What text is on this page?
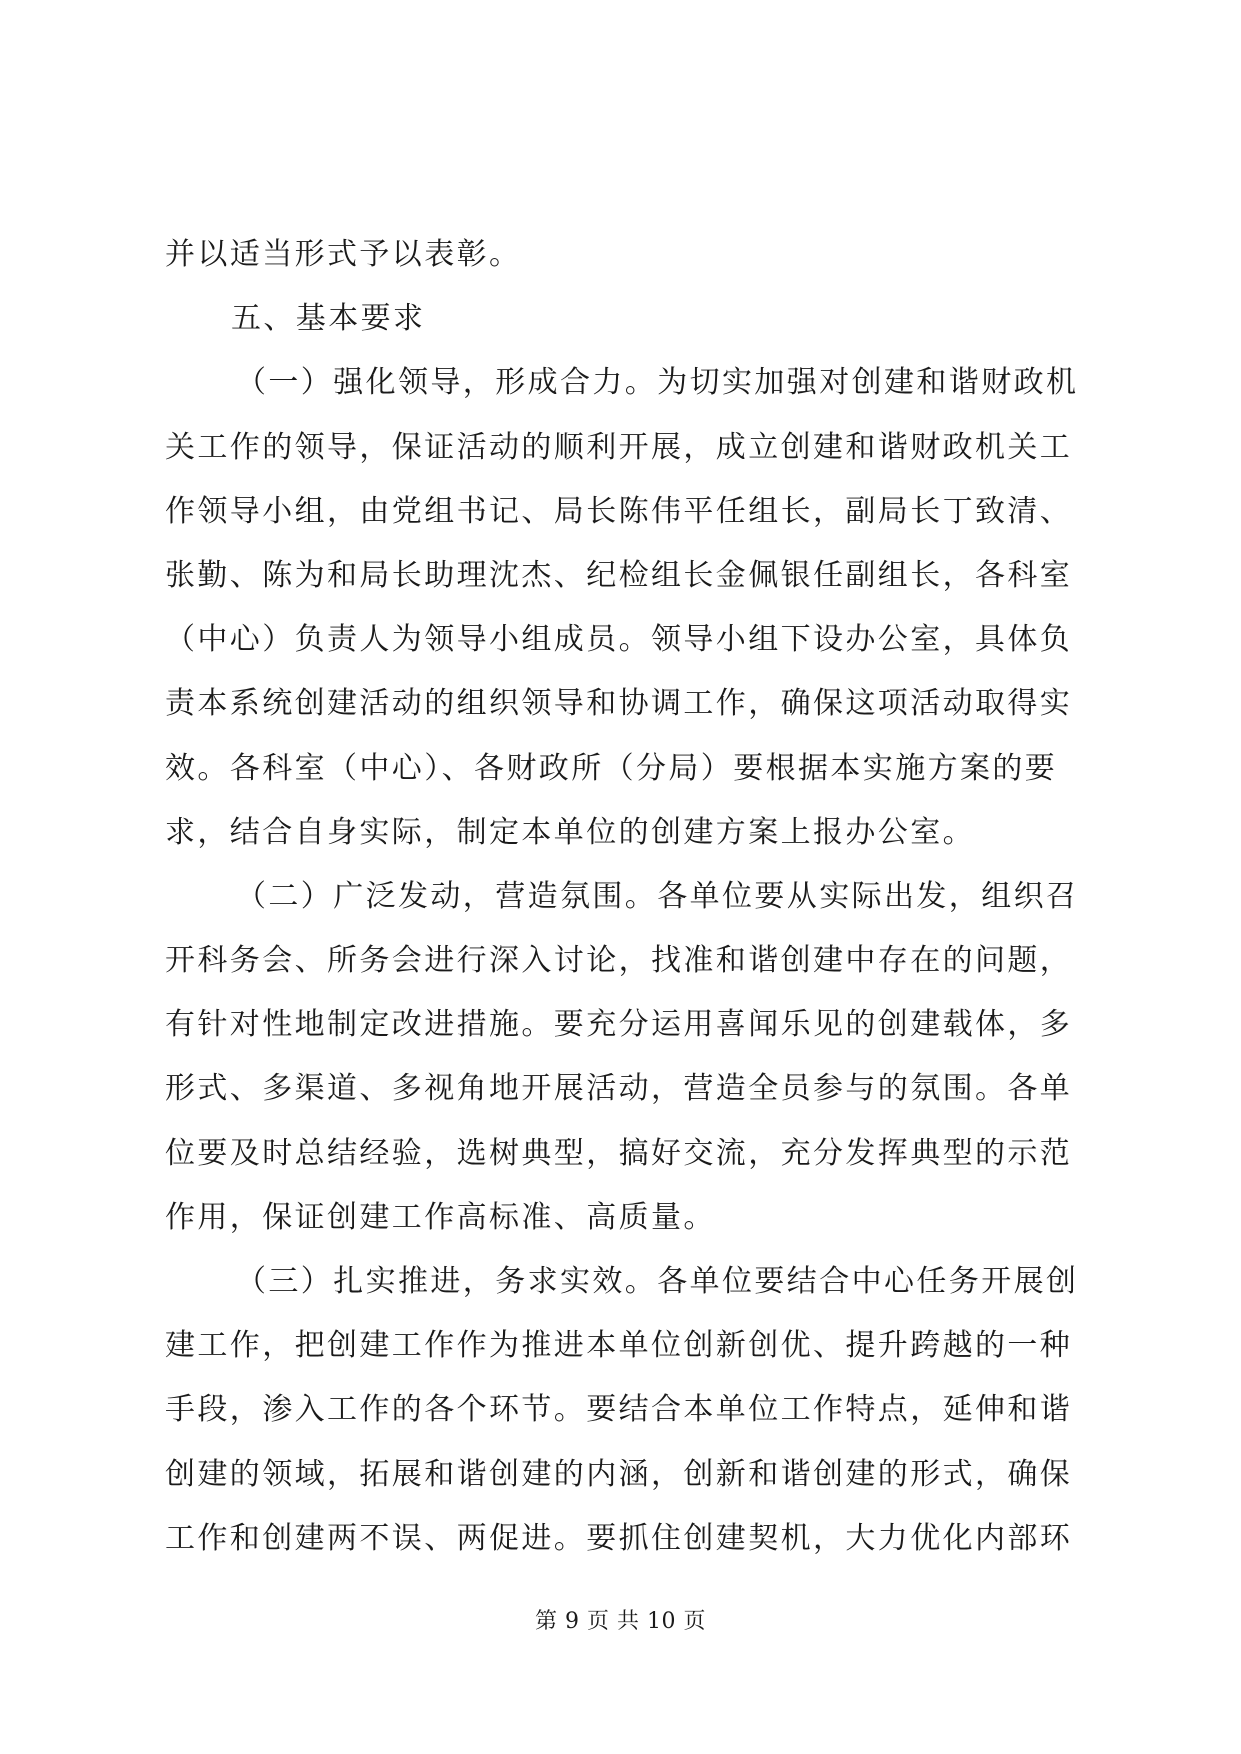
并以适当形式予以表彰。

五、基本要求

（一）强化领导，形成合力。为切实加强对创建和谐财政机

关工作的领导，保证活动的顺利开展，成立创建和谐财政机关工

作领导小组，由党组书记、局长陈伟平任组长，副局长丁致清、

张勤、陈为和局长助理沈杰、纪检组长金佩银任副组长，各科室

（中心）负责人为领导小组成员。领导小组下设办公室，具体负

责本系统创建活动的组织领导和协调工作，确保这项活动取得实

效。各科室（中心）、各财政所（分局）要根据本实施方案的要

求，结合自身实际，制定本单位的创建方案上报办公室。

（二）广泛发动，营造氛围。各单位要从实际出发，组织召

开科务会、所务会进行深入讨论，找准和谐创建中存在的问题，

有针对性地制定改进措施。要充分运用喜闻乐见的创建载体，多

形式、多渠道、多视角地开展活动，营造全员参与的氛围。各单

位要及时总结经验，选树典型，搞好交流，充分发挥典型的示范

作用，保证创建工作高标准、高质量。

（三）扎实推进，务求实效。各单位要结合中心任务开展创

建工作，把创建工作作为推进本单位创新创优、提升跨越的一种

手段，渗入工作的各个环节。要结合本单位工作特点，延伸和谐

创建的领域，拓展和谐创建的内涵，创新和谐创建的形式，确保

工作和创建两不误、两促进。要抓住创建契机，大力优化内部环

第 9 页 共 10 页
